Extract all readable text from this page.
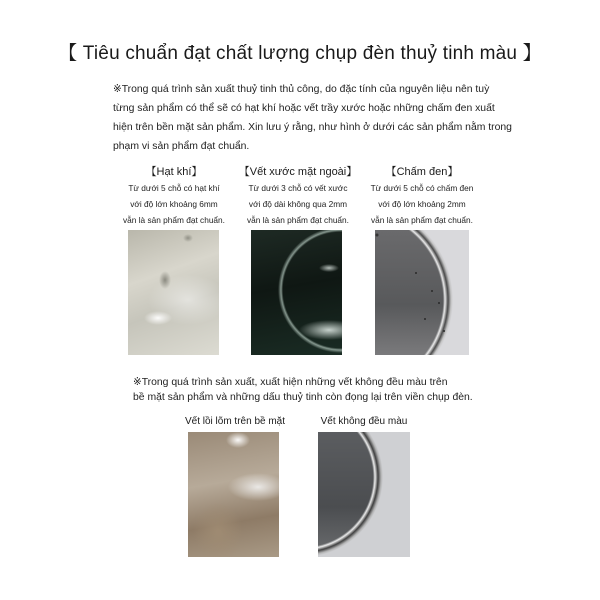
【 Tiêu chuẩn đạt chất lượng chụp đèn thuỷ tinh màu 】
※Trong quá trình sản xuất thuỷ tinh thủ công, do đặc tính của nguyên liệu nên tuỳ từng sản phẩm có thể sẽ có hạt khí hoặc vết trầy xước hoặc những chấm đen xuất hiện trên bền mặt sản phẩm. Xin lưu ý rằng, như hình ở dưới các sản phẩm nằm trong phạm vi sản phẩm đạt chuẩn.
【Hạt khí】
Từ dưới 5 chỗ có hạt khí
với độ lớn khoảng 6mm
vẫn là sản phẩm đạt chuẩn.
【Vết xước mặt ngoài】
Từ dưới 3 chỗ có vết xước
với độ dài không qua 2mm
vẫn là sản phẩm đạt chuẩn.
【Chấm đen】
Từ dưới 5 chỗ có chấm đen
với độ lớn khoảng 2mm
vẫn là sản phẩm đạt chuẩn.
※Trong quá trình sản xuất, xuất hiện những vết không đều màu trên
bề mặt sản phẩm và những dấu thuỷ tinh còn đọng lại trên viền chụp đèn.
Vết lồi lõm trên bề mặt	Vết không đều màu
